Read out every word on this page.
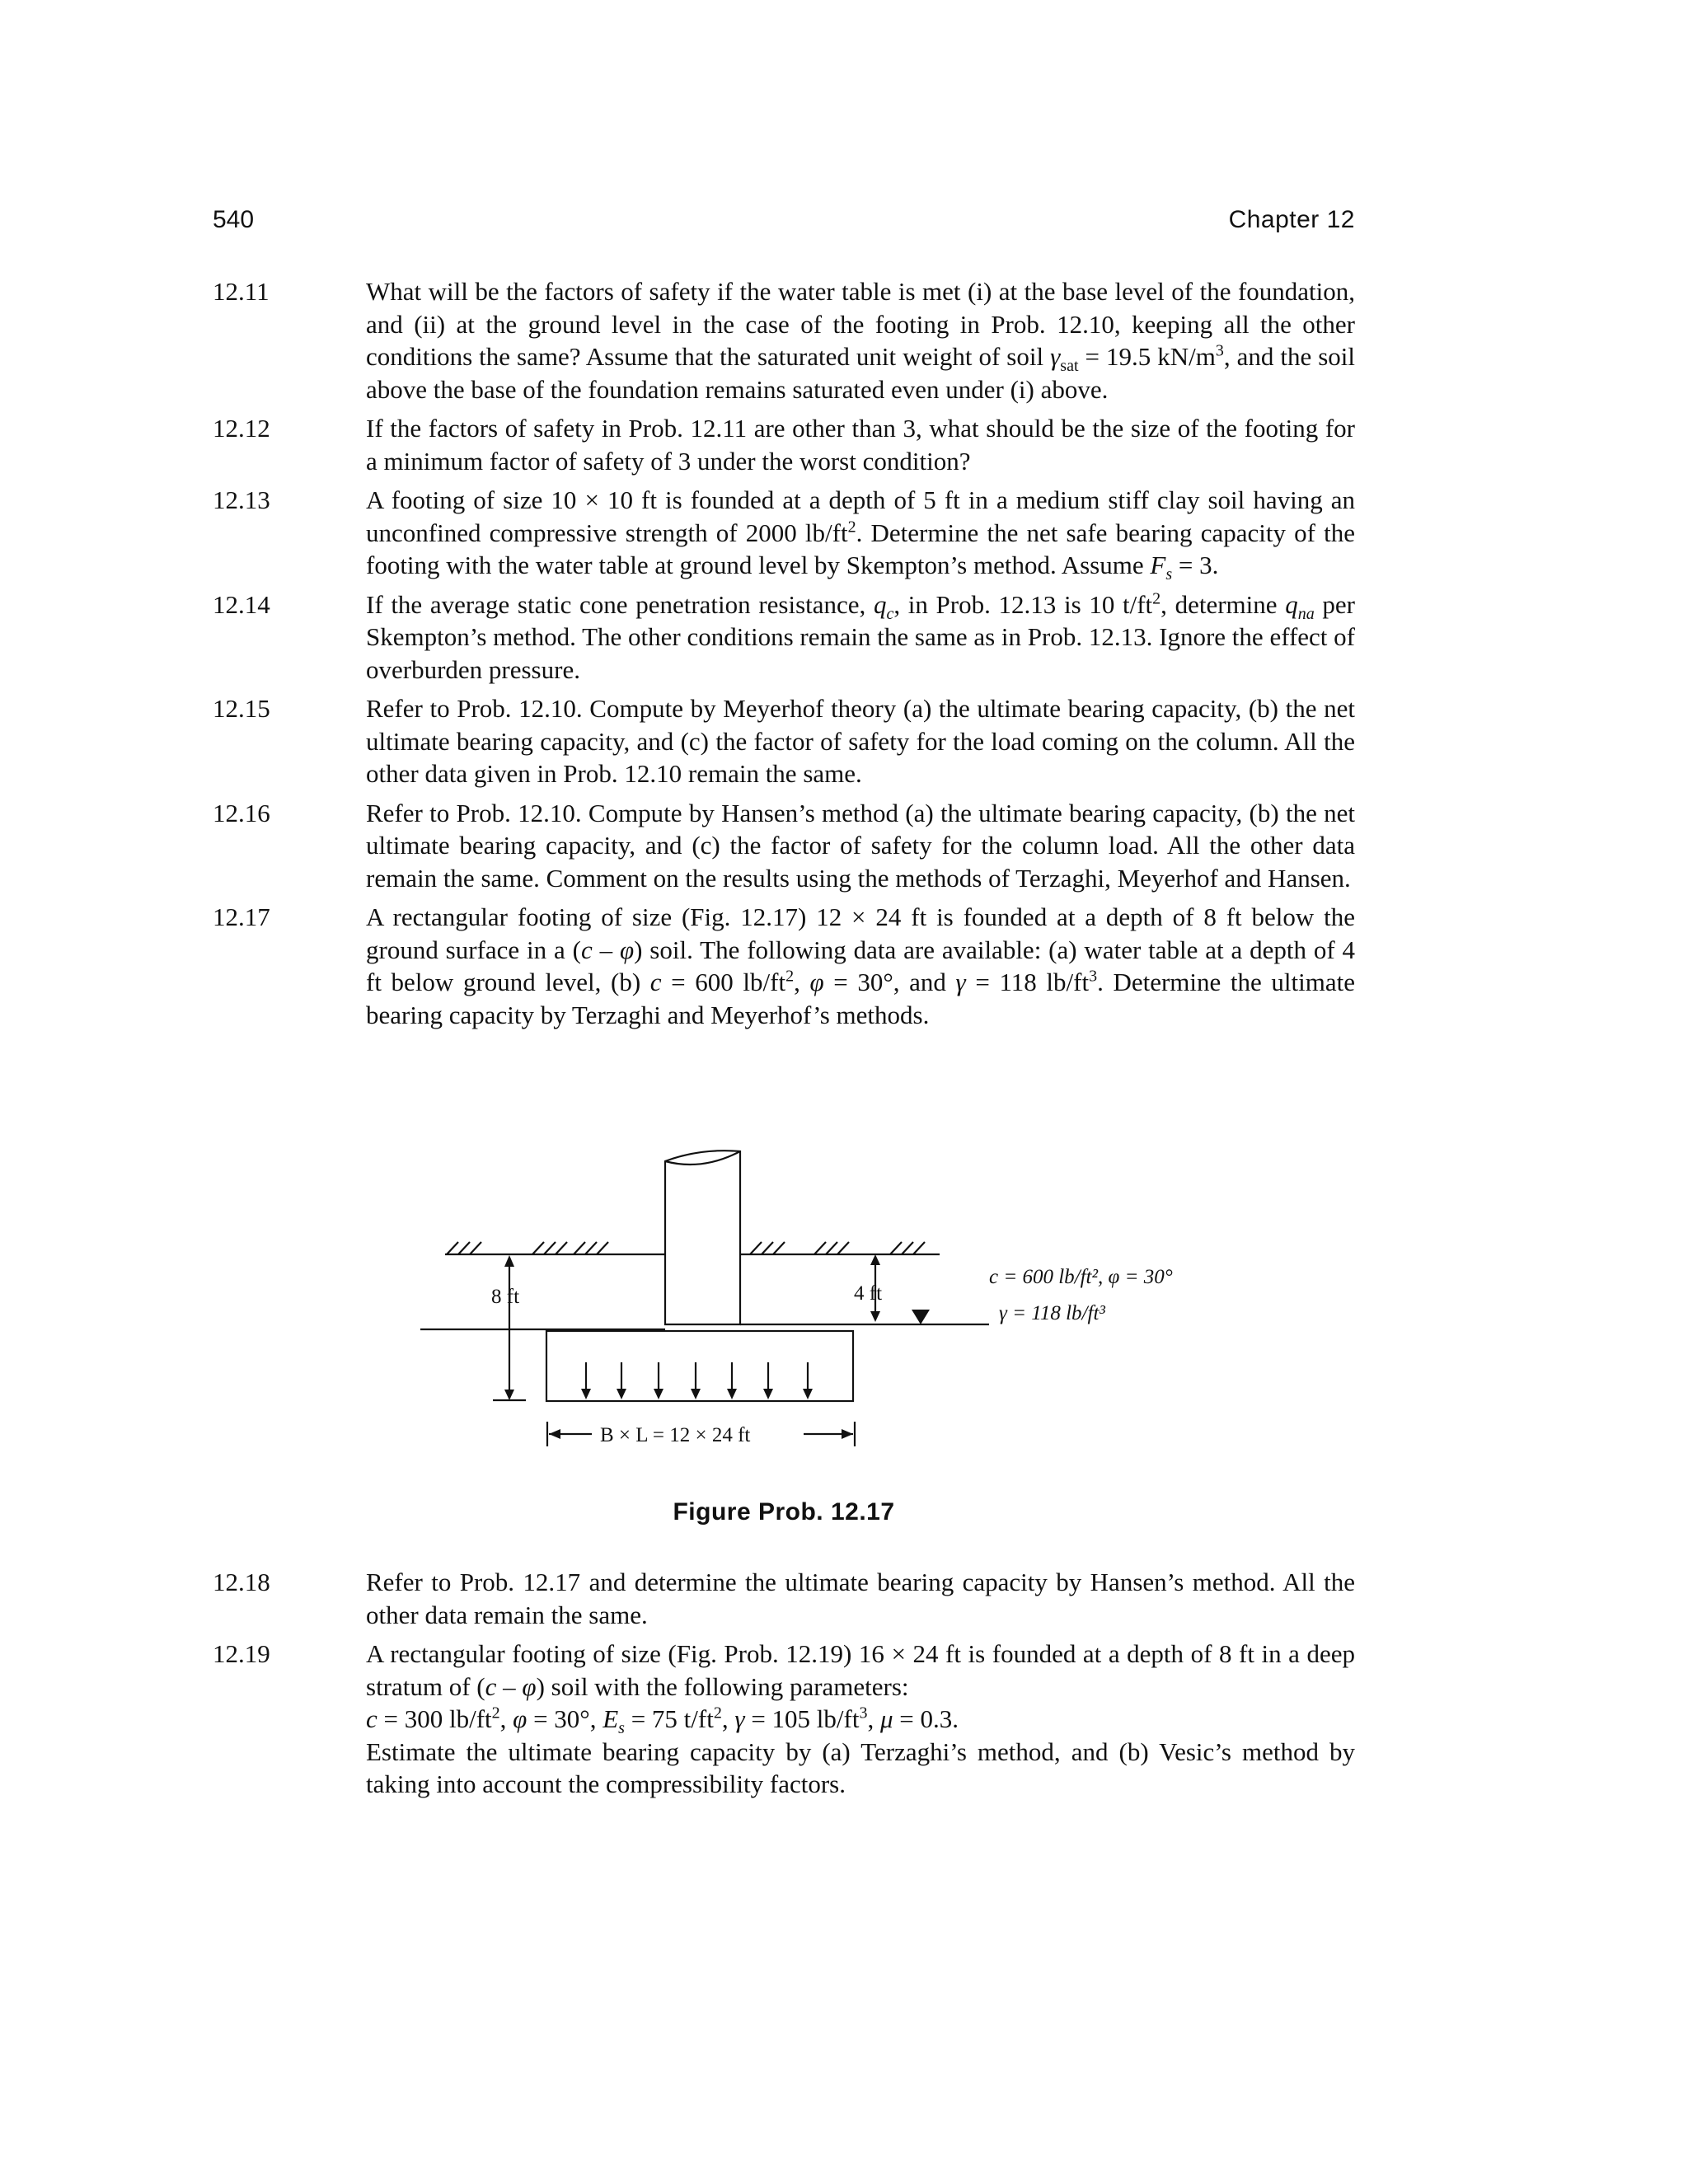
540	Chapter 12
12.11	What will be the factors of safety if the water table is met (i) at the base level of the foundation, and (ii) at the ground level in the case of the footing in Prob. 12.10, keeping all the other conditions the same? Assume that the saturated unit weight of soil $\gamma_{sat} = 19.5$ $kN/m^3$, and the soil above the base of the foundation remains saturated even under (i) above.

12.12	If the factors of safety in Prob. 12.11 are other than 3, what should be the size of the footing for a minimum factor of safety of 3 under the worst condition?

12.13	A footing of size 10 × 10 ft is founded at a depth of 5 ft in a medium stiff clay soil having an unconfined compressive strength of 2000 $lb/ft^2$. Determine the net safe bearing capacity of the footing with the water table at ground level by Skempton’s method. Assume $F_s = 3$.

12.14	If the average static cone penetration resistance, $q_c$, in Prob. 12.13 is 10 $t/ft^2$, determine $q_{na}$ per Skempton’s method. The other conditions remain the same as in Prob. 12.13. Ignore the effect of overburden pressure.

12.15	Refer to Prob. 12.10. Compute by Meyerhof theory (a) the ultimate bearing capacity, (b) the net ultimate bearing capacity, and (c) the factor of safety for the load coming on the column. All the other data given in Prob. 12.10 remain the same.

12.16	Refer to Prob. 12.10. Compute by Hansen’s method (a) the ultimate bearing capacity, (b) the net ultimate bearing capacity, and (c) the factor of safety for the column load. All the other data remain the same. Comment on the results using the methods of Terzaghi, Meyerhof and Hansen.

12.17	A rectangular footing of size (Fig. 12.17) 12 × 24 ft is founded at a depth of 8 ft below the ground surface in a (c – φ) soil. The following data are available: (a) water table at a depth of 4 ft below ground level, (b) c = 600 $lb/ft^2$, φ = 30°, and γ = 118 $lb/ft^3$. Determine the ultimate bearing capacity by Terzaghi and Meyerhof’s methods.

8 ft	4 ft
c = 600 lb/ft², φ = 30°
γ = 118 lb/ft³
B × L = 12 × 24 ft
Figure Prob. 12.17
12.18	Refer to Prob. 12.17 and determine the ultimate bearing capacity by Hansen’s method. All the other data remain the same.

12.19	A rectangular footing of size (Fig. Prob. 12.19) 16 × 24 ft is founded at a depth of 8 ft in a deep stratum of (c – φ) soil with the following parameters:
c = 300 $lb/ft^2$, φ = 30°, $E_s = 75$ $t/ft^2$, γ = 105 $lb/ft^3$, μ = 0.3.
Estimate the ultimate bearing capacity by (a) Terzaghi’s method, and (b) Vesic’s method by taking into account the compressibility factors.
